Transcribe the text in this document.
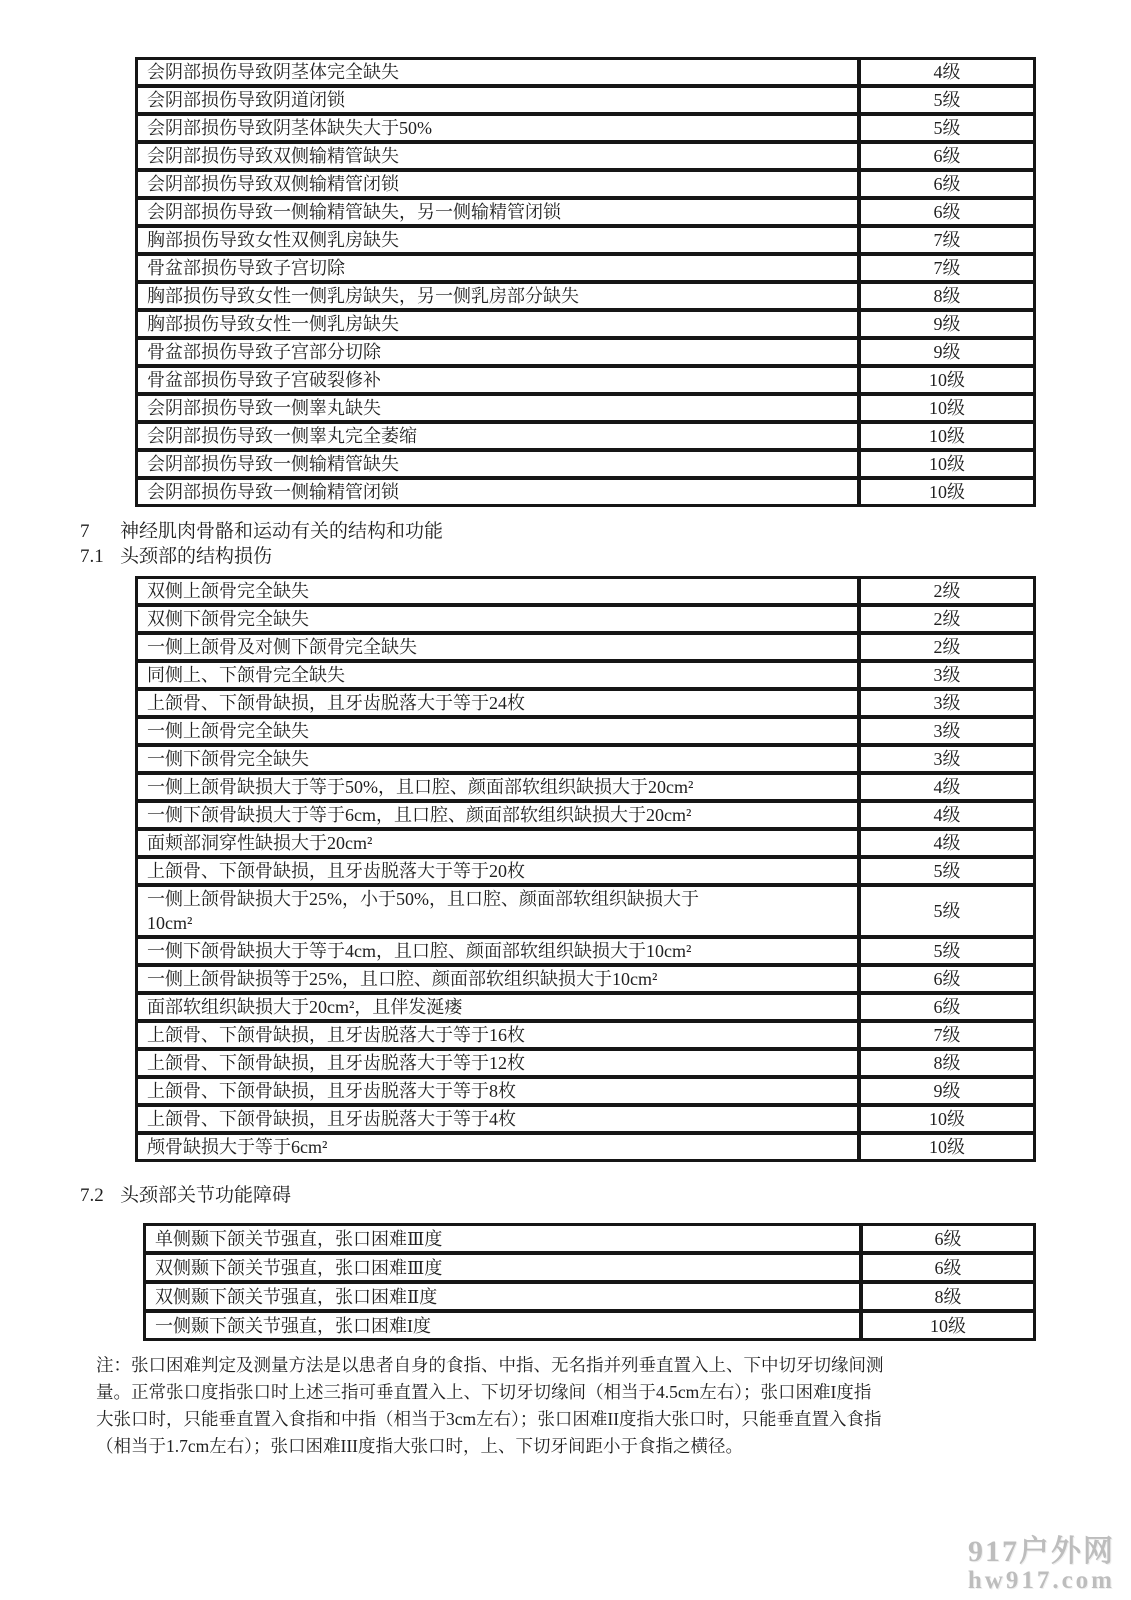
会阴部损伤导致阴茎体完全缺失	4级

会阴部损伤导致阴道闭锁	5级

会阴部损伤导致阴茎体缺失大于50%	5级

会阴部损伤导致双侧输精管缺失	6级

会阴部损伤导致双侧输精管闭锁	6级

会阴部损伤导致一侧输精管缺失，另一侧输精管闭锁	6级

胸部损伤导致女性双侧乳房缺失	7级

骨盆部损伤导致子宫切除	7级

胸部损伤导致女性一侧乳房缺失，另一侧乳房部分缺失	8级

胸部损伤导致女性一侧乳房缺失	9级

骨盆部损伤导致子宫部分切除	9级

骨盆部损伤导致子宫破裂修补	10级

会阴部损伤导致一侧睾丸缺失	10级

会阴部损伤导致一侧睾丸完全萎缩	10级

会阴部损伤导致一侧输精管缺失	10级

会阴部损伤导致一侧输精管闭锁	10级
7	神经肌肉骨骼和运动有关的结构和功能
7.1 头颈部的结构损伤
双侧上颌骨完全缺失	2级

双侧下颌骨完全缺失	2级

一侧上颌骨及对侧下颌骨完全缺失	2级

同侧上、下颌骨完全缺失	3级

上颌骨、下颌骨缺损，且牙齿脱落大于等于24枚	3级

一侧上颌骨完全缺失	3级

一侧下颌骨完全缺失	3级

一侧上颌骨缺损大于等于50%，且口腔、颜面部软组织缺损大于20cm²	4级

一侧下颌骨缺损大于等于6cm，且口腔、颜面部软组织缺损大于20cm²	4级

面颊部洞穿性缺损大于20cm²	4级

上颌骨、下颌骨缺损，且牙齿脱落大于等于20枚	5级

一侧上颌骨缺损大于25%，小于50%，且口腔、颜面部软组织缺损大于
10cm²	5级

一侧下颌骨缺损大于等于4cm，且口腔、颜面部软组织缺损大于10cm²	5级

一侧上颌骨缺损等于25%，且口腔、颜面部软组织缺损大于10cm²	6级

面部软组织缺损大于20cm²，且伴发涎瘘	6级

上颌骨、下颌骨缺损，且牙齿脱落大于等于16枚	7级

上颌骨、下颌骨缺损，且牙齿脱落大于等于12枚	8级

上颌骨、下颌骨缺损，且牙齿脱落大于等于8枚	9级

上颌骨、下颌骨缺损，且牙齿脱落大于等于4枚	10级

颅骨缺损大于等于6cm²	10级
7.2 头颈部关节功能障碍
单侧颞下颌关节强直，张口困难Ⅲ度	6级

双侧颞下颌关节强直，张口困难Ⅲ度	6级

双侧颞下颌关节强直，张口困难Ⅱ度	8级

一侧颞下颌关节强直，张口困难I度	10级
注：张口困难判定及测量方法是以患者自身的食指、中指、无名指并列垂直置入上、下中切牙切缘间测
量。正常张口度指张口时上述三指可垂直置入上、下切牙切缘间（相当于4.5cm左右）；张口困难I度指
大张口时，只能垂直置入食指和中指（相当于3cm左右）；张口困难II度指大张口时，只能垂直置入食指
（相当于1.7cm左右）；张口困难III度指大张口时，上、下切牙间距小于食指之横径。
917户外网
hw917.com
